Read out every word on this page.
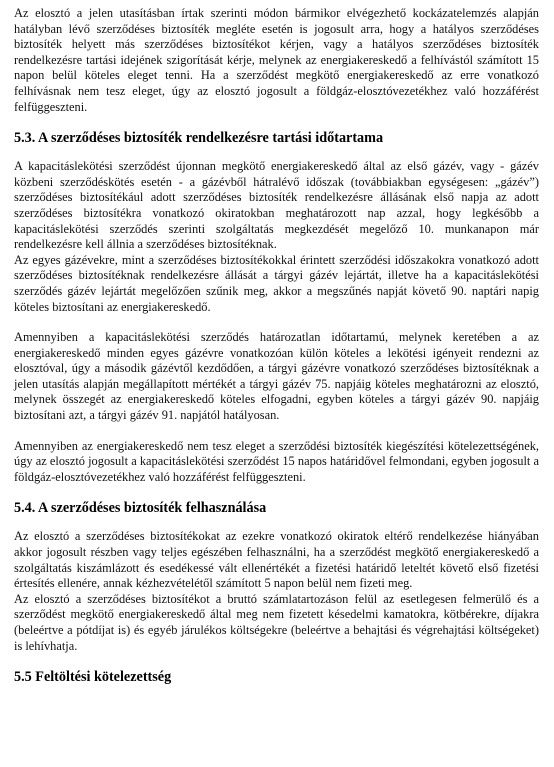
Az elosztó a jelen utasításban írtak szerinti módon bármikor elvégezhető kockázatelemzés alapján hatályban lévő szerződéses biztosíték megléte esetén is jogosult arra, hogy a hatályos szerződéses biztosíték helyett más szerződéses biztosítékot kérjen, vagy a hatályos szerződéses biztosíték rendelkezésre tartási idejének szigorítását kérje, melynek az energiakereskedő a felhívástól számított 15 napon belül köteles eleget tenni. Ha a szerződést megkötő energiakereskedő az erre vonatkozó felhívásnak nem tesz eleget, úgy az elosztó jogosult a földgáz-elosztóvezetékhez való hozzáférést felfüggeszteni.

5.3. A szerződéses biztosíték rendelkezésre tartási időtartama

A kapacitáslekötési szerződést újonnan megkötő energiakereskedő által az első gázév, vagy - gázév közbeni szerződéskötés esetén - a gázévből hátralévő időszak (továbbiakban egységesen: „gázév”) szerződéses biztosítékául adott szerződéses biztosíték rendelkezésre állásának első napja az adott szerződéses biztosítékra vonatkozó okiratokban meghatározott nap azzal, hogy legkésőbb a kapacitáslekötési szerződés szerinti szolgáltatás megkezdését megelőző 10. munkanapon már rendelkezésre kell állnia a szerződéses biztosítéknak.

Az egyes gázévekre, mint a szerződéses biztosítékokkal érintett szerződési időszakokra vonatkozó adott szerződéses biztosítéknak rendelkezésre állását a tárgyi gázév lejártát, illetve ha a kapacitáslekötési szerződés gázév lejártát megelőzően szűnik meg, akkor a megszűnés napját követő 90. naptári napig köteles biztosítani az energiakereskedő.

Amennyiben a kapacitáslekötési szerződés határozatlan időtartamú, melynek keretében a az energiakereskedő minden egyes gázévre vonatkozóan külön köteles a lekötési igényeit rendezni az elosztóval, úgy a második gázévtől kezdődően, a tárgyi gázévre vonatkozó szerződéses biztosítéknak a jelen utasítás alapján megállapított mértékét a tárgyi gázév 75. napjáig köteles meghatározni az elosztó, melynek összegét az energiakereskedő köteles elfogadni, egyben köteles a tárgyi gázév 90. napjáig biztosítani azt, a tárgyi gázév 91. napjától hatályosan.

Amennyiben az energiakereskedő nem tesz eleget a szerződési biztosíték kiegészítési kötelezettségének, úgy az elosztó jogosult a kapacitáslekötési szerződést 15 napos határidővel felmondani, egyben jogosult a földgáz-elosztóvezetékhez való hozzáférést felfüggeszteni.

5.4. A szerződéses biztosíték felhasználása

Az elosztó a szerződéses biztosítékokat az ezekre vonatkozó okiratok eltérő rendelkezése hiányában akkor jogosult részben vagy teljes egészében felhasználni, ha a szerződést megkötő energiakereskedő a szolgáltatás kiszámlázott és esedékessé vált ellenértékét a fizetési határidő leteltét követő első fizetési értesítés ellenére, annak kézhezvételétől számított 5 napon belül nem fizeti meg.

Az elosztó a szerződéses biztosítékot a bruttó számlatartozáson felül az esetlegesen felmerülő és a szerződést megkötő energiakereskedő által meg nem fizetett késedelmi kamatokra, kötbérekre, díjakra (beleértve a pótdíjat is) és egyéb járulékos költségekre (beleértve a behajtási és végrehajtási költségeket) is lehívhatja.

5.5 Feltöltési kötelezettség
